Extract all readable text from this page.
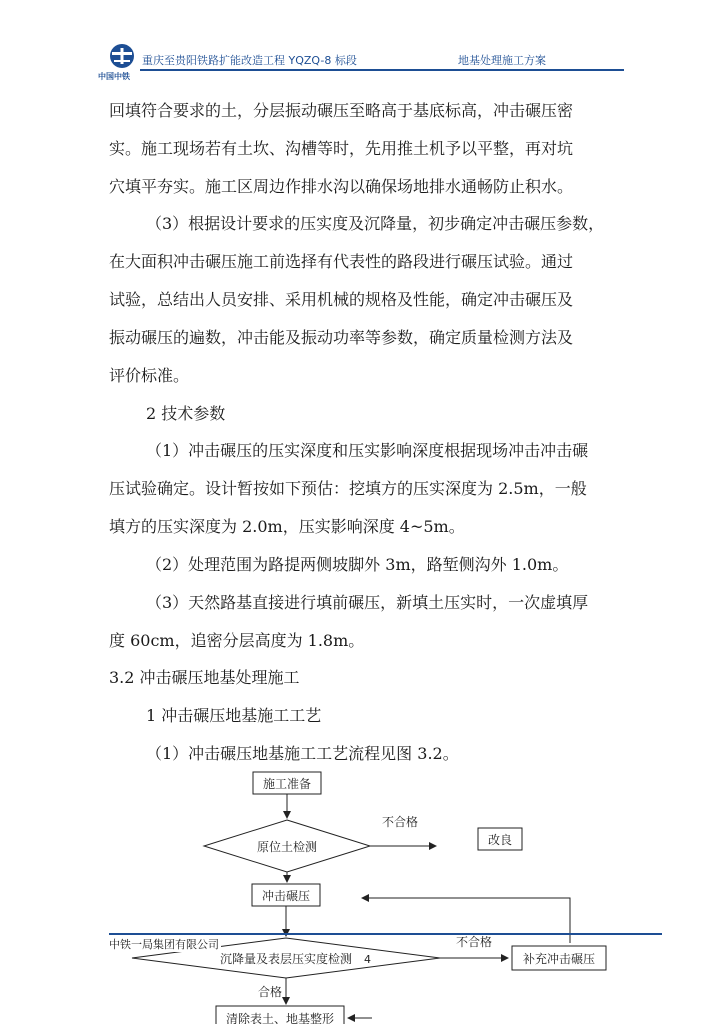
中国中铁
重庆至贵阳铁路扩能改造工程 YQZQ-8 标段	地基处理施工方案
回填符合要求的土，分层振动碾压至略高于基底标高，冲击碾压密
实。施工现场若有土坎、沟槽等时，先用推土机予以平整，再对坑
穴填平夯实。施工区周边作排水沟以确保场地排水通畅防止积水。
（3）根据设计要求的压实度及沉降量，初步确定冲击碾压参数，
在大面积冲击碾压施工前选择有代表性的路段进行碾压试验。通过
试验，总结出人员安排、采用机械的规格及性能，确定冲击碾压及
振动碾压的遍数，冲击能及振动功率等参数，确定质量检测方法及
评价标准。
2 技术参数
（1）冲击碾压的压实深度和压实影响深度根据现场冲击冲击碾
压试验确定。设计暂按如下预估：挖填方的压实深度为 2.5m，一般
填方的压实深度为 2.0m，压实影响深度 4~5m。
（2）处理范围为路提两侧坡脚外 3m，路堑侧沟外 1.0m。
（3）天然路基直接进行填前碾压，新填土压实时，一次虚填厚
度 60cm，追密分层高度为 1.8m。
3.2 冲击碾压地基处理施工
1 冲击碾压地基施工工艺
（1）冲击碾压地基施工工艺流程见图 3.2。
施工准备
原位土检测
不合格
改良
冲击碾压
沉降量及表层压实度检测 4
不合格
补充冲击碾压
合格
清除表土、地基整形
中铁一局集团有限公司
